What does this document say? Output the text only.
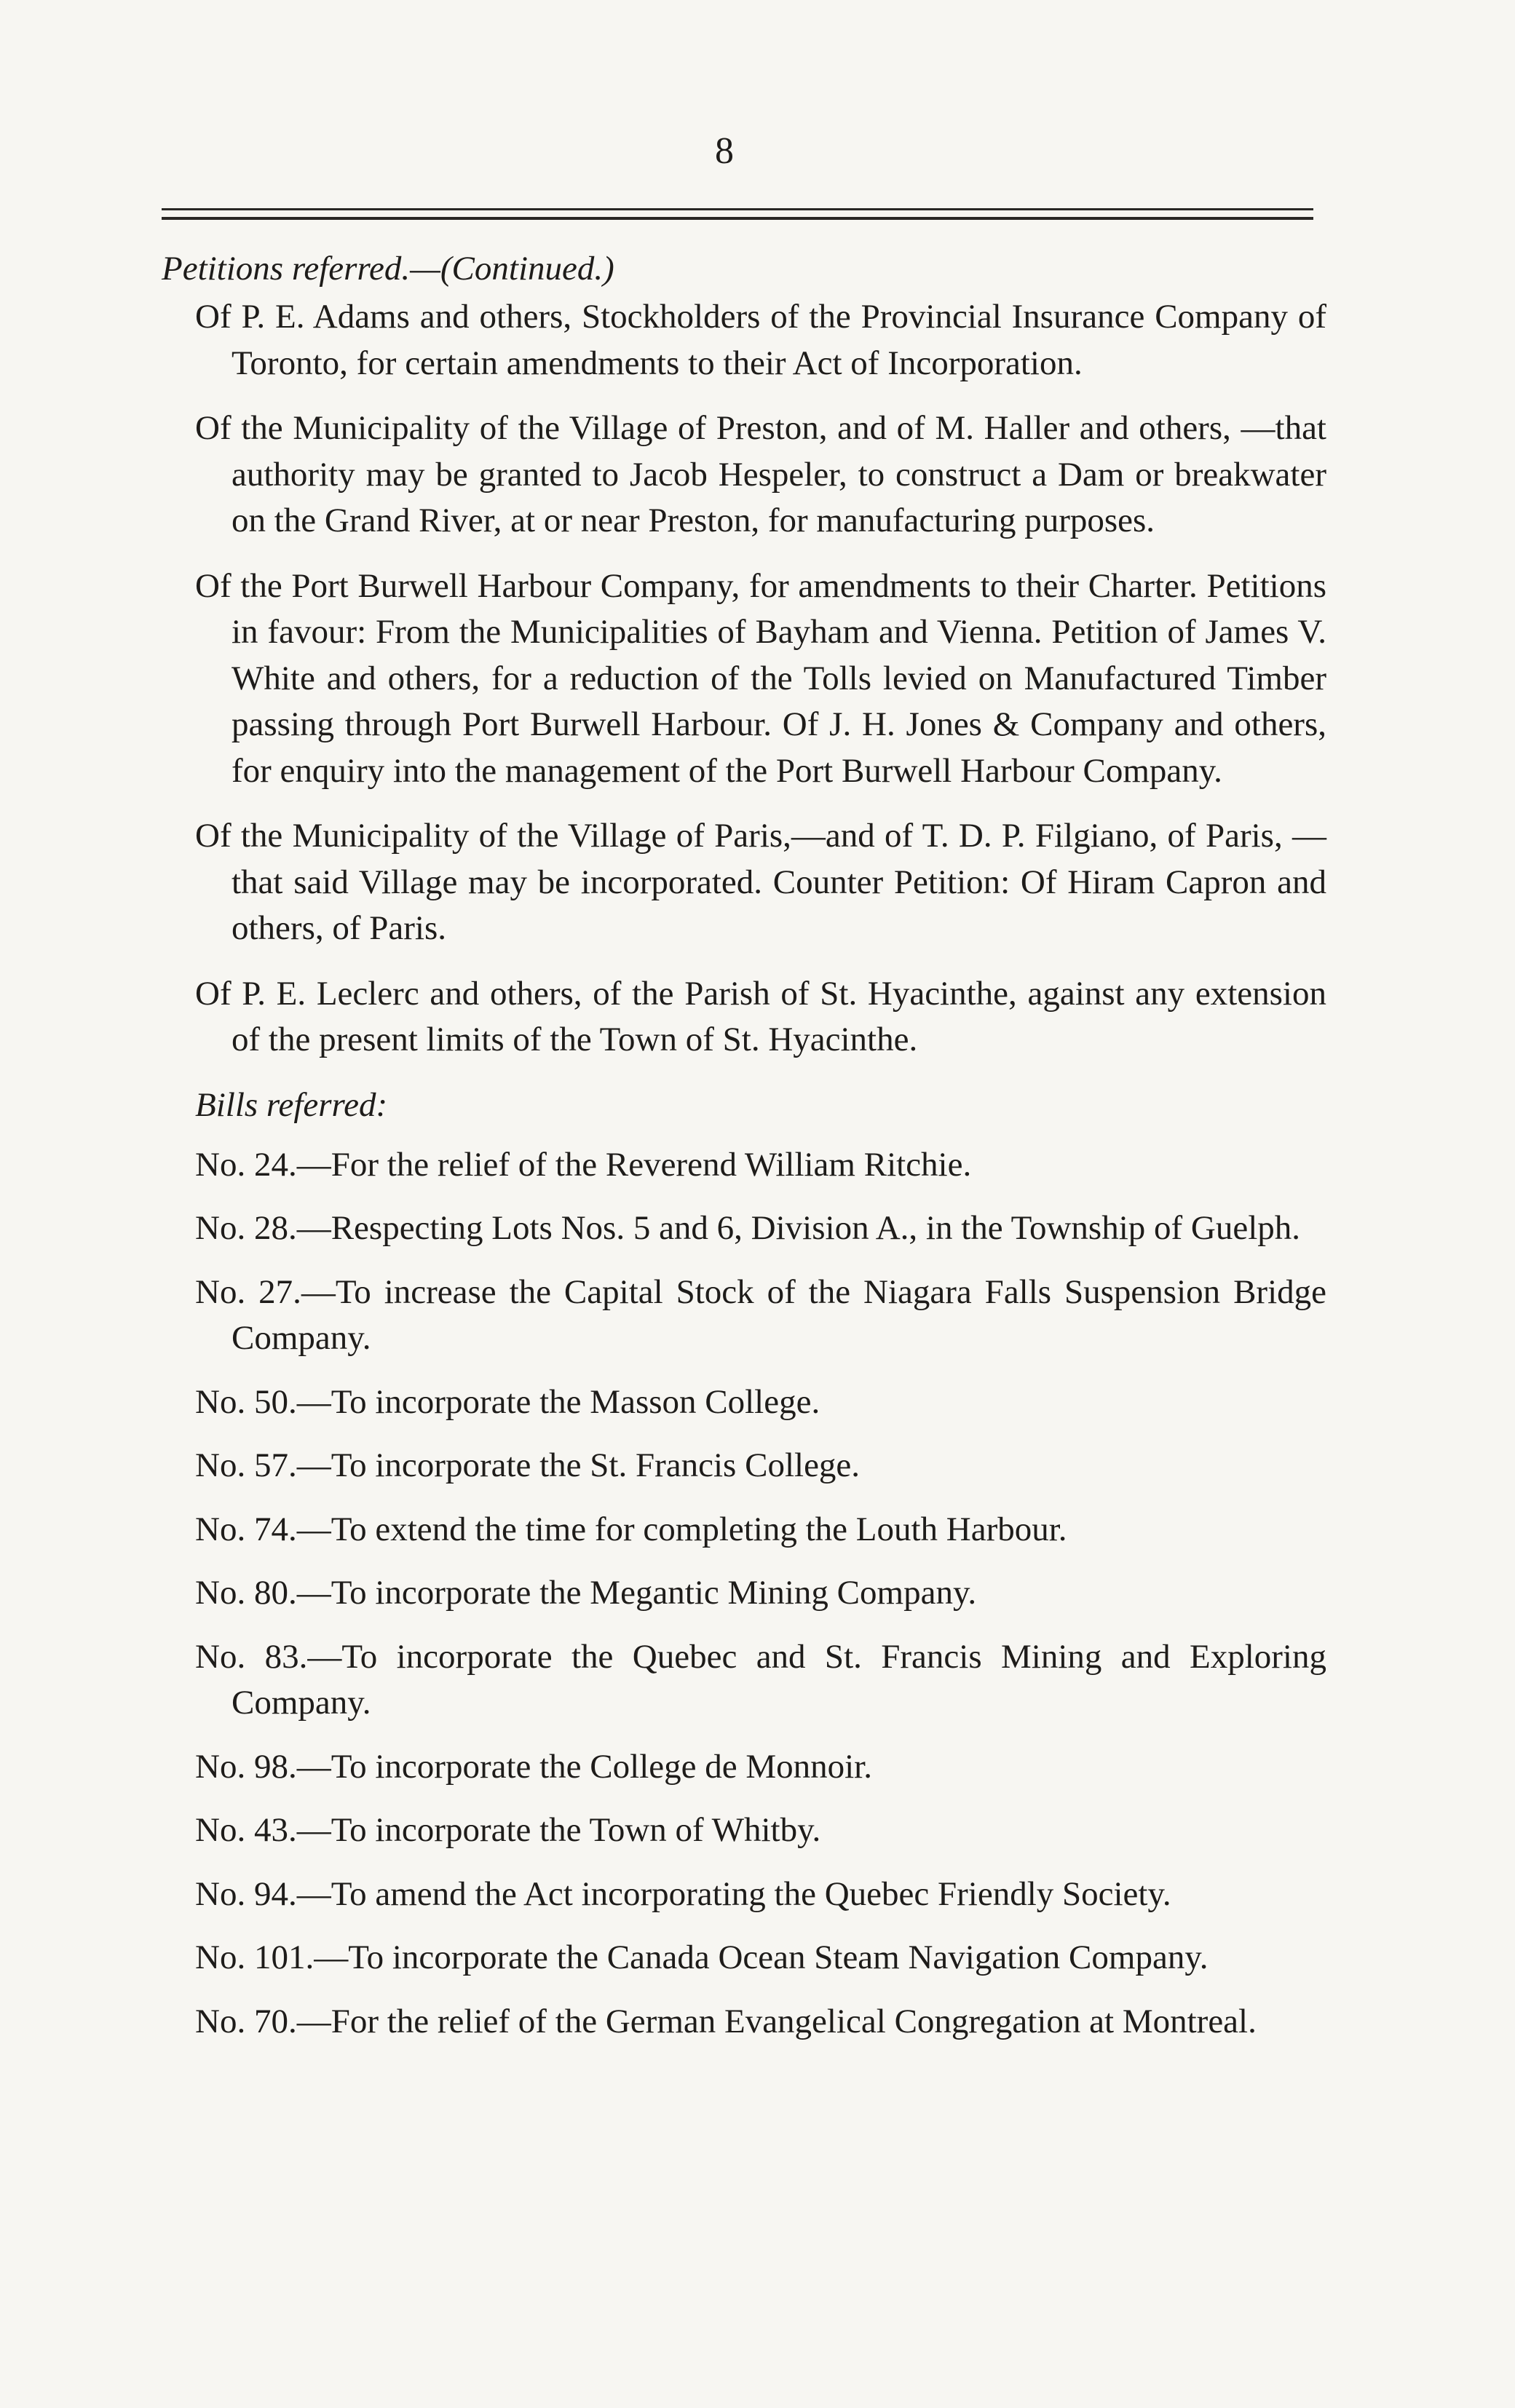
8

Petitions referred.—(Continued.)

Of P. E. Adams and others, Stockholders of the Provincial Insurance Company of Toronto, for certain amendments to their Act of Incorporation.

Of the Municipality of the Village of Preston, and of M. Haller and others, —that authority may be granted to Jacob Hespeler, to construct a Dam or breakwater on the Grand River, at or near Preston, for manufacturing purposes.

Of the Port Burwell Harbour Company, for amendments to their Charter. Petitions in favour: From the Municipalities of Bayham and Vienna. Petition of James V. White and others, for a reduction of the Tolls levied on Manufactured Timber passing through Port Burwell Harbour. Of J. H. Jones & Company and others, for enquiry into the management of the Port Burwell Harbour Company.

Of the Municipality of the Village of Paris,—and of T. D. P. Filgiano, of Paris, —that said Village may be incorporated. Counter Petition: Of Hiram Capron and others, of Paris.

Of P. E. Leclerc and others, of the Parish of St. Hyacinthe, against any extension of the present limits of the Town of St. Hyacinthe.

Bills referred:

No. 24.—For the relief of the Reverend William Ritchie.

No. 28.—Respecting Lots Nos. 5 and 6, Division A., in the Township of Guelph.

No. 27.—To increase the Capital Stock of the Niagara Falls Suspension Bridge Company.

No. 50.—To incorporate the Masson College.

No. 57.—To incorporate the St. Francis College.

No. 74.—To extend the time for completing the Louth Harbour.

No. 80.—To incorporate the Megantic Mining Company.

No. 83.—To incorporate the Quebec and St. Francis Mining and Exploring Company.

No. 98.—To incorporate the College de Monnoir.

No. 43.—To incorporate the Town of Whitby.

No. 94.—To amend the Act incorporating the Quebec Friendly Society.

No. 101.—To incorporate the Canada Ocean Steam Navigation Company.

No. 70.—For the relief of the German Evangelical Congregation at Montreal.
